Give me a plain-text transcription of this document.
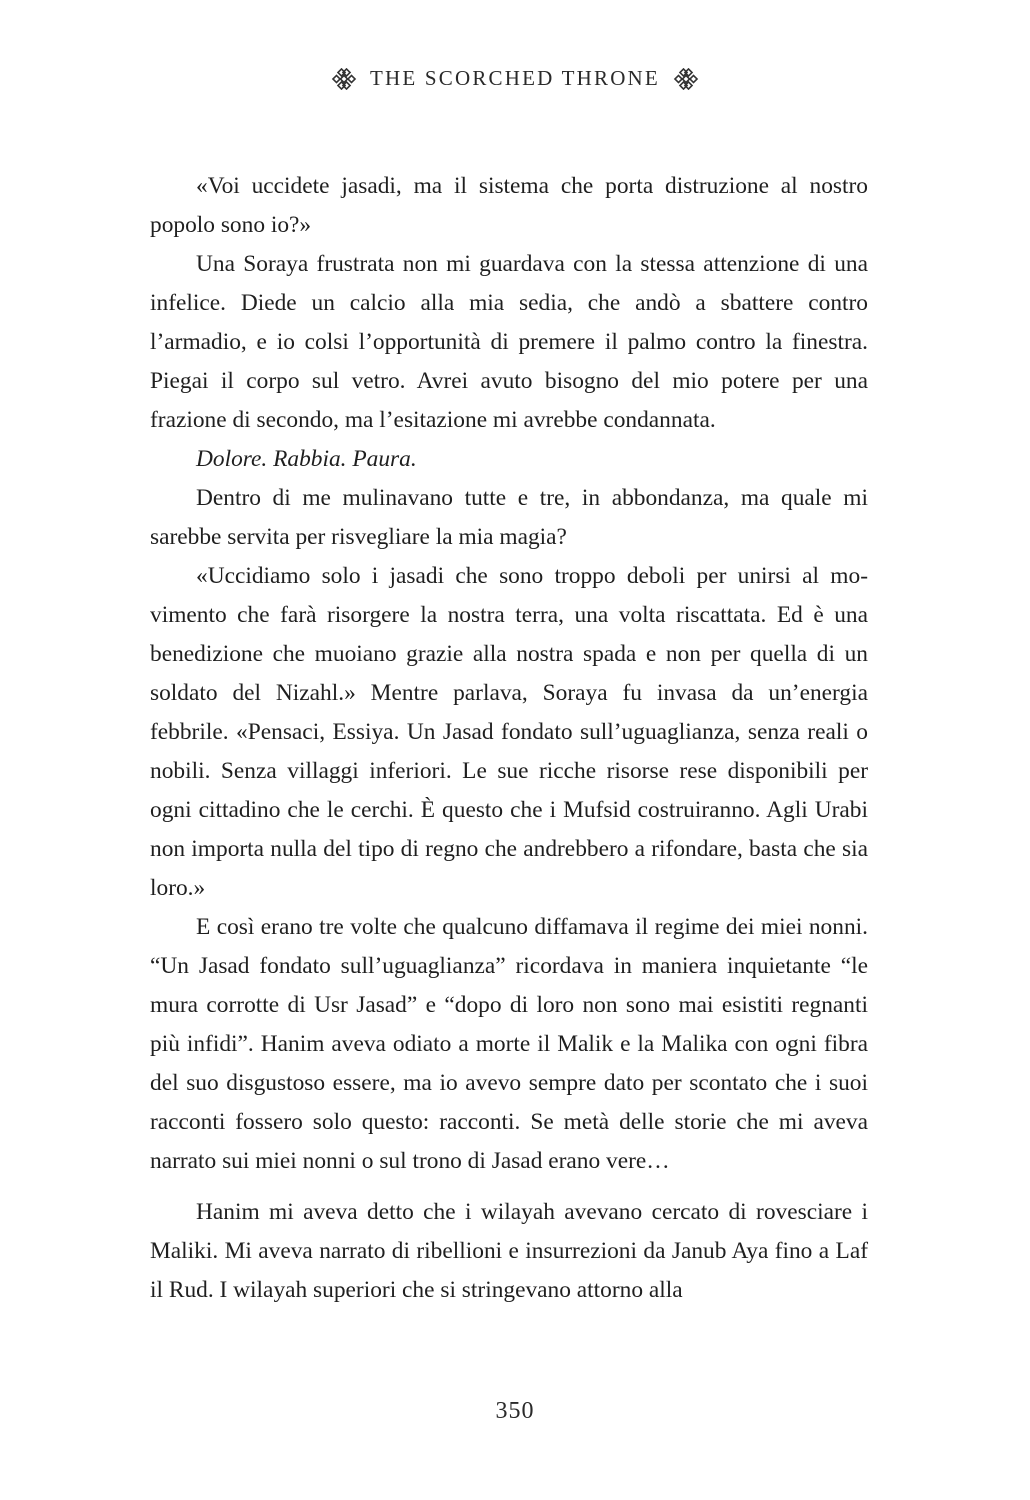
THE SCORCHED THRONE

«Voi uccidete jasadi, ma il sistema che porta distruzione al nostro popolo sono io?»

Una Soraya frustrata non mi guardava con la stessa attenzione di una infelice. Diede un calcio alla mia sedia, che andò a sbattere contro l’armadio, e io colsi l’opportunità di premere il palmo contro la finestra. Piegai il corpo sul vetro. Avrei avuto bisogno del mio potere per una frazione di secondo, ma l’esitazione mi avrebbe condannata.

Dolore. Rabbia. Paura.

Dentro di me mulinavano tutte e tre, in abbondanza, ma quale mi sarebbe servita per risvegliare la mia magia?

«Uccidiamo solo i jasadi che sono troppo deboli per unirsi al movimento che farà risorgere la nostra terra, una volta riscattata. Ed è una benedizione che muoiano grazie alla nostra spada e non per quella di un soldato del Nizahl.» Mentre parlava, Soraya fu invasa da un’energia febbrile. «Pensaci, Essiya. Un Jasad fondato sull’uguaglianza, senza reali o nobili. Senza villaggi inferiori. Le sue ricche risorse rese disponibili per ogni cittadino che le cerchi. È questo che i Mufsid costruiranno. Agli Urabi non importa nulla del tipo di regno che andrebbero a rifondare, basta che sia loro.»

E così erano tre volte che qualcuno diffamava il regime dei miei nonni. “Un Jasad fondato sull’uguaglianza” ricordava in maniera inquietante “le mura corrotte di Usr Jasad” e “dopo di loro non sono mai esistiti regnanti più infidi”. Hanim aveva odiato a morte il Malik e la Malika con ogni fibra del suo disgustoso essere, ma io avevo sempre dato per scontato che i suoi racconti fossero solo questo: racconti. Se metà delle storie che mi aveva narrato sui miei nonni o sul trono di Jasad erano vere…

Hanim mi aveva detto che i wilayah avevano cercato di rovesciare i Maliki. Mi aveva narrato di ribellioni e insurrezioni da Janub Aya fino a Laf il Rud. I wilayah superiori che si stringevano attorno alla

350
